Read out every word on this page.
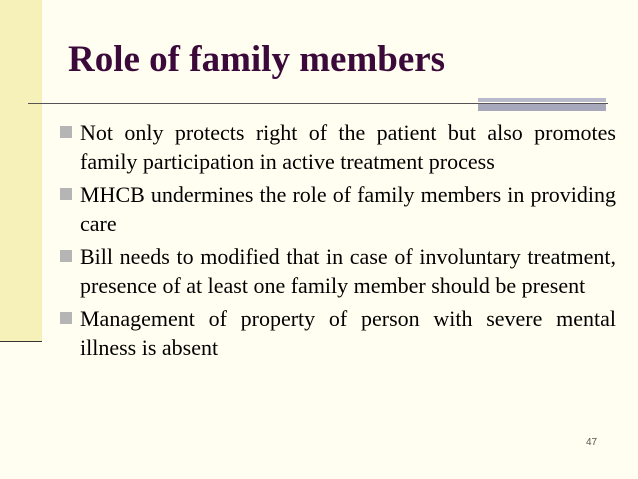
Role of family members
Not only protects right of the patient but also promotes family participation in active treatment process
MHCB undermines the role of family members in providing care
Bill needs to modified that in case of involuntary treatment, presence of at least one family member should be present
Management of property of person with severe mental illness is absent
47
